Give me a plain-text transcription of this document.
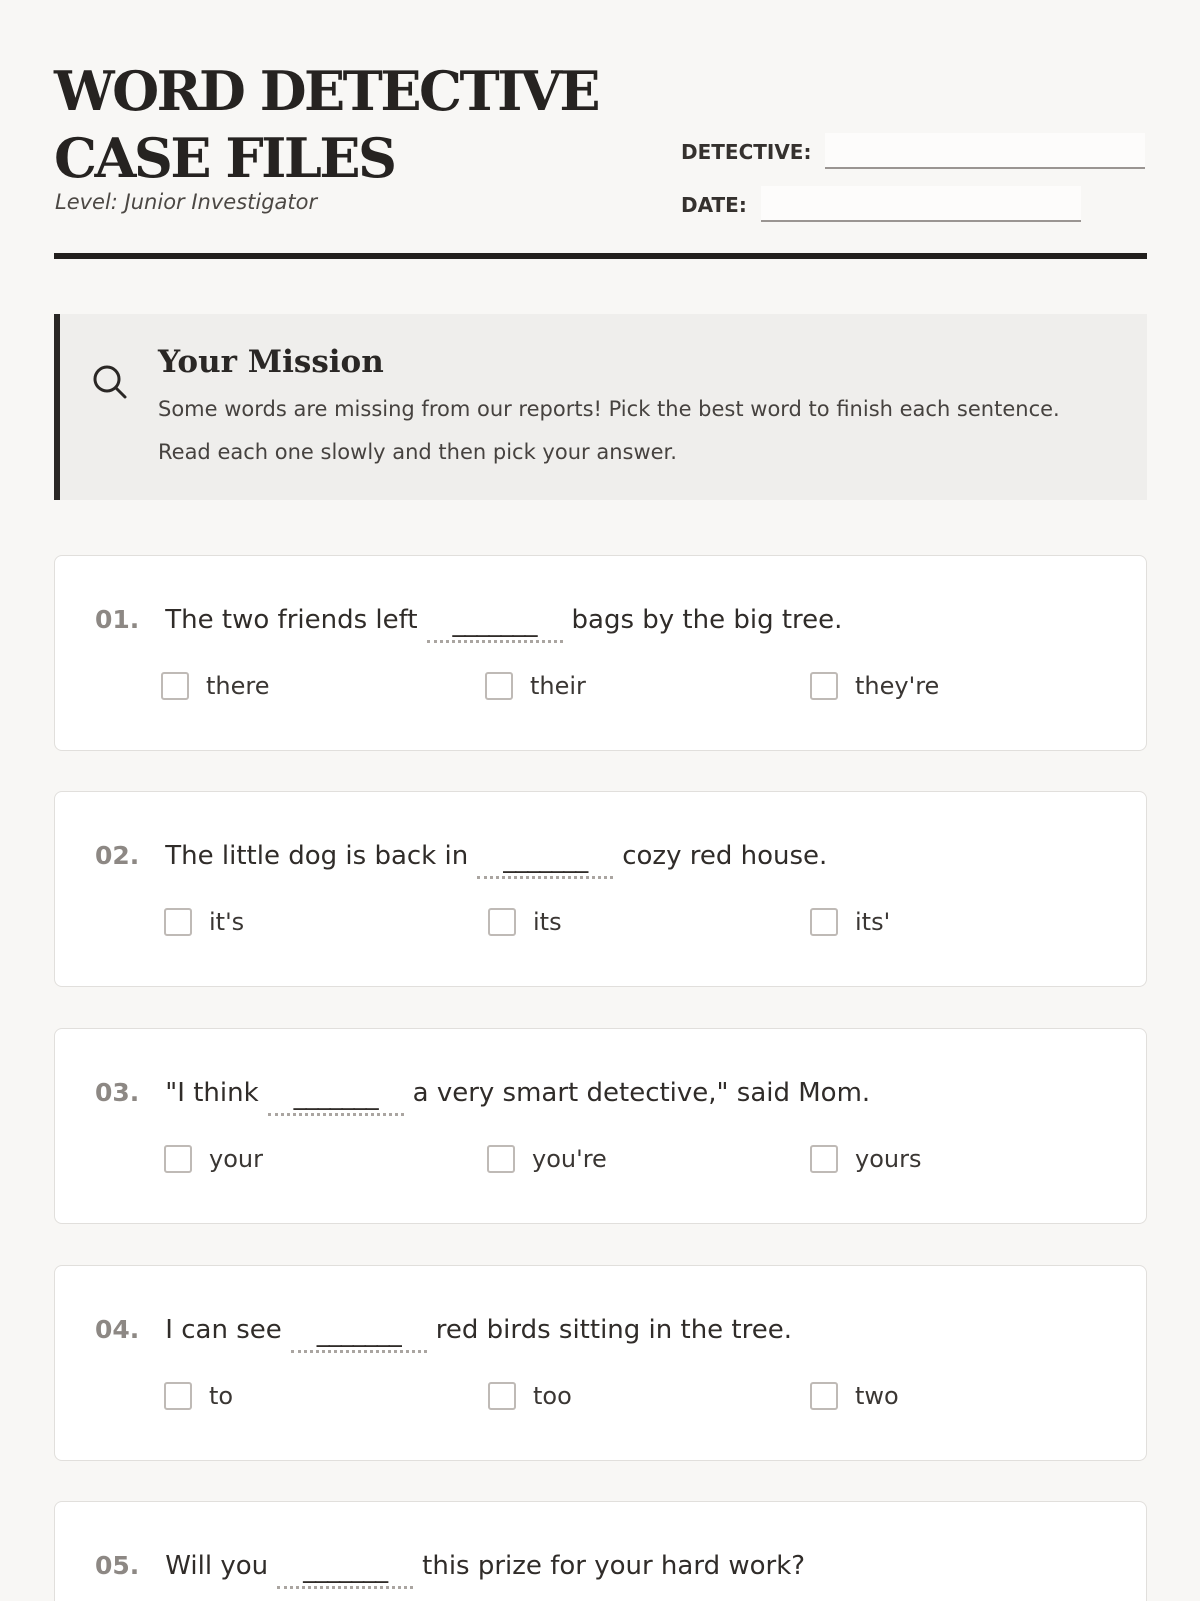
WORD DETECTIVE
CASE FILES
Level: Junior Investigator
DETECTIVE:
DATE:
Your Mission
Some words are missing from our reports! Pick the best word to finish each sentence. Read each one slowly and then pick your answer.
01. The two friends left	_______	bags by the big tree.
there	their	they're
02. The little dog is back in	_______	cozy red house.
it's	its	its'
03. "I think	_______	a very smart detective," said Mom.
your	you're	yours
04. I can see	_______	red birds sitting in the tree.
to	too	two
05. Will you	_______	this prize for your hard work?
